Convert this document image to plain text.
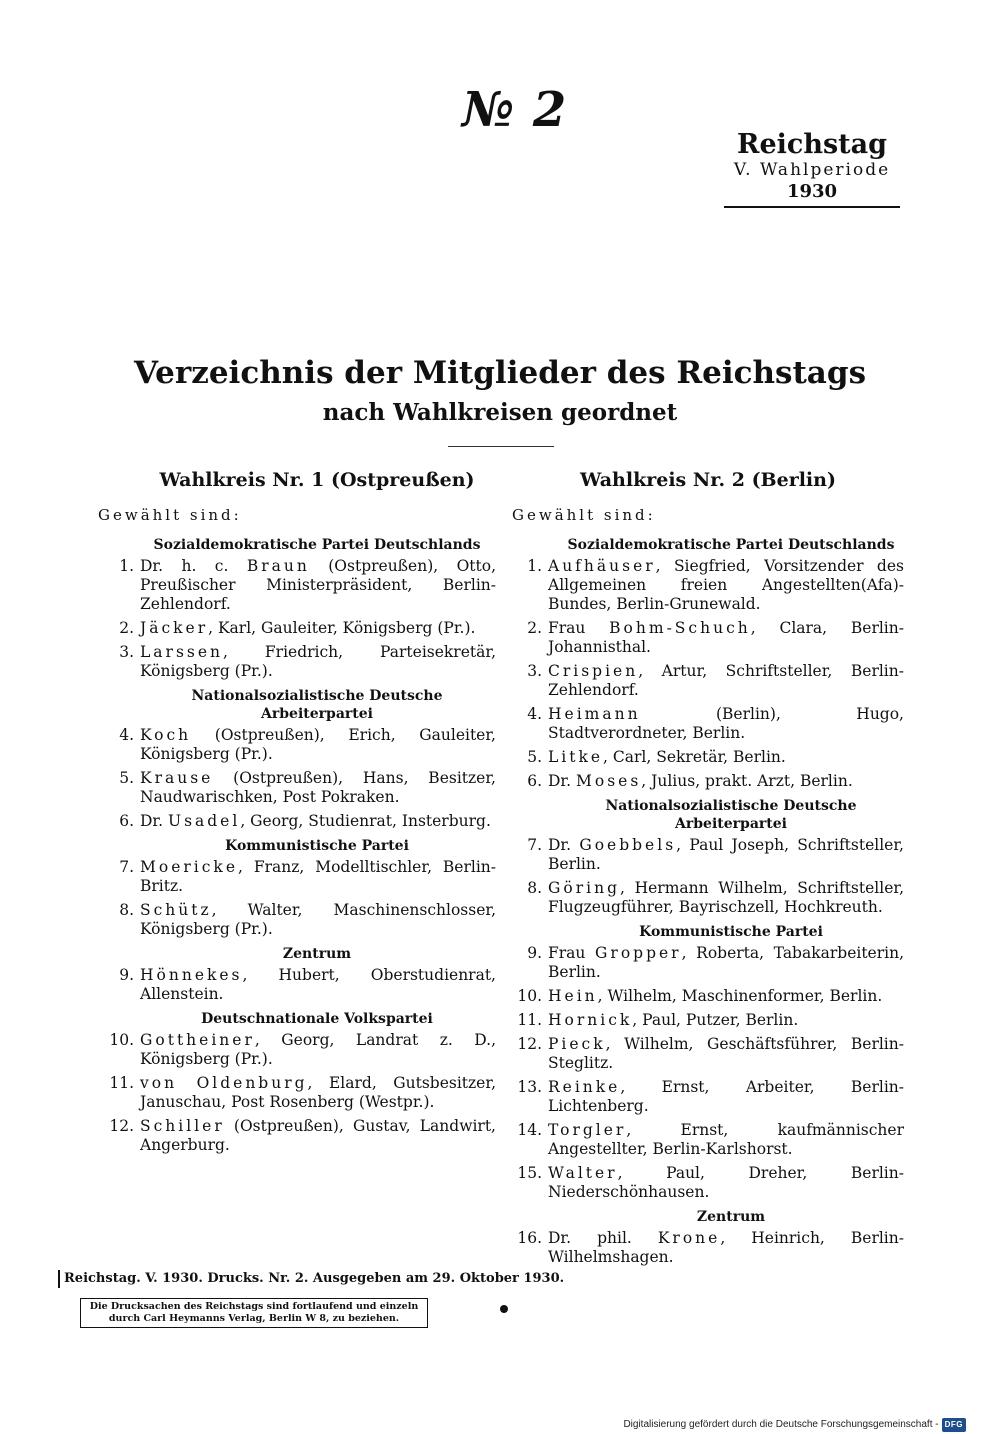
№ 2
Reichstag
V. Wahlperiode
1930
Verzeichnis der Mitglieder des Reichstags
nach Wahlkreisen geordnet
Wahlkreis Nr. 1 (Ostpreußen)
Gewählt sind:
Sozialdemokratische Partei Deutschlands
1. Dr. h. c. Braun (Ostpreußen), Otto, Preußischer Ministerpräsident, Berlin-Zehlendorf.
2. Jäcker, Karl, Gauleiter, Königsberg (Pr.).
3. Larssen, Friedrich, Parteisekretär, Königsberg (Pr.).
Nationalsozialistische Deutsche Arbeiterpartei
4. Koch (Ostpreußen), Erich, Gauleiter, Königsberg (Pr.).
5. Krause (Ostpreußen), Hans, Besitzer, Naudwarischken, Post Pokraken.
6. Dr. Usadel, Georg, Studienrat, Insterburg.
Kommunistische Partei
7. Moericke, Franz, Modelltischler, Berlin-Britz.
8. Schütz, Walter, Maschinenschlosser, Königsberg (Pr.).
Zentrum
9. Hönnekes, Hubert, Oberstudienrat, Allenstein.
Deutschnationale Volkspartei
10. Gottheiner, Georg, Landrat z. D., Königsberg (Pr.).
11. von Oldenburg, Elard, Gutsbesitzer, Januschau, Post Rosenberg (Westpr.).
12. Schiller (Ostpreußen), Gustav, Landwirt, Angerburg.
Wahlkreis Nr. 2 (Berlin)
Gewählt sind:
Sozialdemokratische Partei Deutschlands
1. Aufhäuser, Siegfried, Vorsitzender des Allgemeinen freien Angestellten(Afa)-Bundes, Berlin-Grunewald.
2. Frau Bohm-Schuch, Clara, Berlin-Johannisthal.
3. Crispien, Artur, Schriftsteller, Berlin-Zehlendorf.
4. Heimann (Berlin), Hugo, Stadtverordneter, Berlin.
5. Litke, Carl, Sekretär, Berlin.
6. Dr. Moses, Julius, prakt. Arzt, Berlin.
Nationalsozialistische Deutsche Arbeiterpartei
7. Dr. Goebbels, Paul Joseph, Schriftsteller, Berlin.
8. Göring, Hermann Wilhelm, Schriftsteller, Flugzeugführer, Bayrischzell, Hochkreuth.
Kommunistische Partei
9. Frau Gropper, Roberta, Tabakarbeiterin, Berlin.
10. Hein, Wilhelm, Maschinenformer, Berlin.
11. Hornick, Paul, Putzer, Berlin.
12. Pieck, Wilhelm, Geschäftsführer, Berlin-Steglitz.
13. Reinke, Ernst, Arbeiter, Berlin-Lichtenberg.
14. Torgler, Ernst, kaufmännischer Angestellter, Berlin-Karlshorst.
15. Walter, Paul, Dreher, Berlin-Niederschönhausen.
Zentrum
16. Dr. phil. Krone, Heinrich, Berlin-Wilhelmshagen.
Reichstag. V. 1930. Drucks. Nr. 2. Ausgegeben am 29. Oktober 1930.
Die Drucksachen des Reichstags sind fortlaufend und einzeln
durch Carl Heymanns Verlag, Berlin W 8, zu beziehen.
Digitalisierung gefördert durch die Deutsche Forschungsgemeinschaft - DFG
